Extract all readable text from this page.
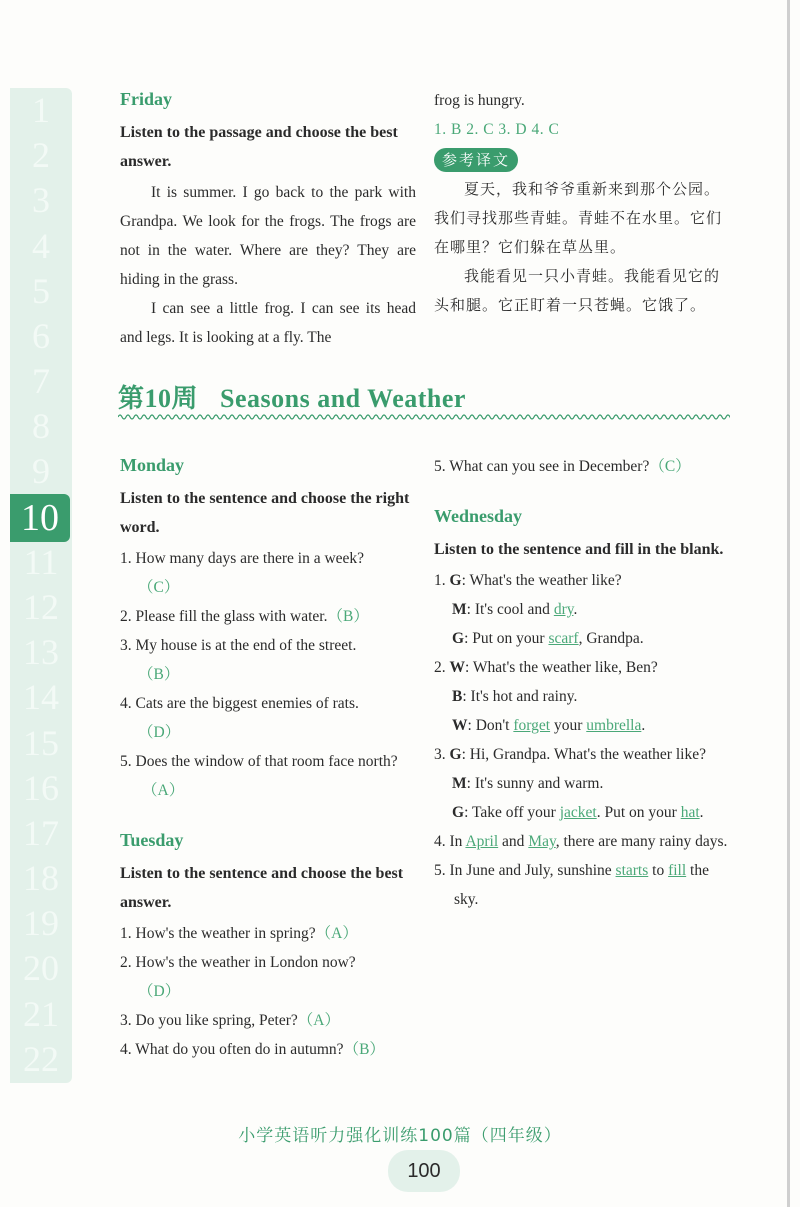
1
2
3
4
5
6
7
8
9
11
12
13
14
15
16
17
18
19
20
21
22
10
Friday
Listen to the passage and choose the best answer.

It is summer. I go back to the park with Grandpa. We look for the frogs. The frogs are not in the water. Where are they? They are hiding in the grass.

I can see a little frog. I can see its head and legs. It is looking at a fly. The

frog is hungry.

1. B 2. C 3. D 4. C

参考译文

夏天，我和爷爷重新来到那个公园。我们寻找那些青蛙。青蛙不在水里。它们在哪里？它们躲在草丛里。

我能看见一只小青蛙。我能看见它的头和腿。它正盯着一只苍蝇。它饿了。

第10周 Seasons and Weather
Monday
Listen to the sentence and choose the right word.

1. How many days are there in a week?
（C）

2. Please fill the glass with water.（B）

3. My house is at the end of the street.
（B）

4. Cats are the biggest enemies of rats.
（D）

5. Does the window of that room face north?（A）

Tuesday
Listen to the sentence and choose the best answer.

1. How's the weather in spring?（A）

2. How's the weather in London now?
（D）

3. Do you like spring, Peter?（A）

4. What do you often do in autumn?（B）

5. What can you see in December?（C）

Wednesday
Listen to the sentence and fill in the blank.

1. G: What's the weather like?

M: It's cool and dry.

G: Put on your scarf, Grandpa.

2. W: What's the weather like, Ben?

B: It's hot and rainy.

W: Don't forget your umbrella.

3. G: Hi, Grandpa. What's the weather like?

M: It's sunny and warm.

G: Take off your jacket. Put on your hat.

4. In April and May, there are many rainy days.

5. In June and July, sunshine starts to fill the sky.

小学英语听力强化训练100篇（四年级）
100
